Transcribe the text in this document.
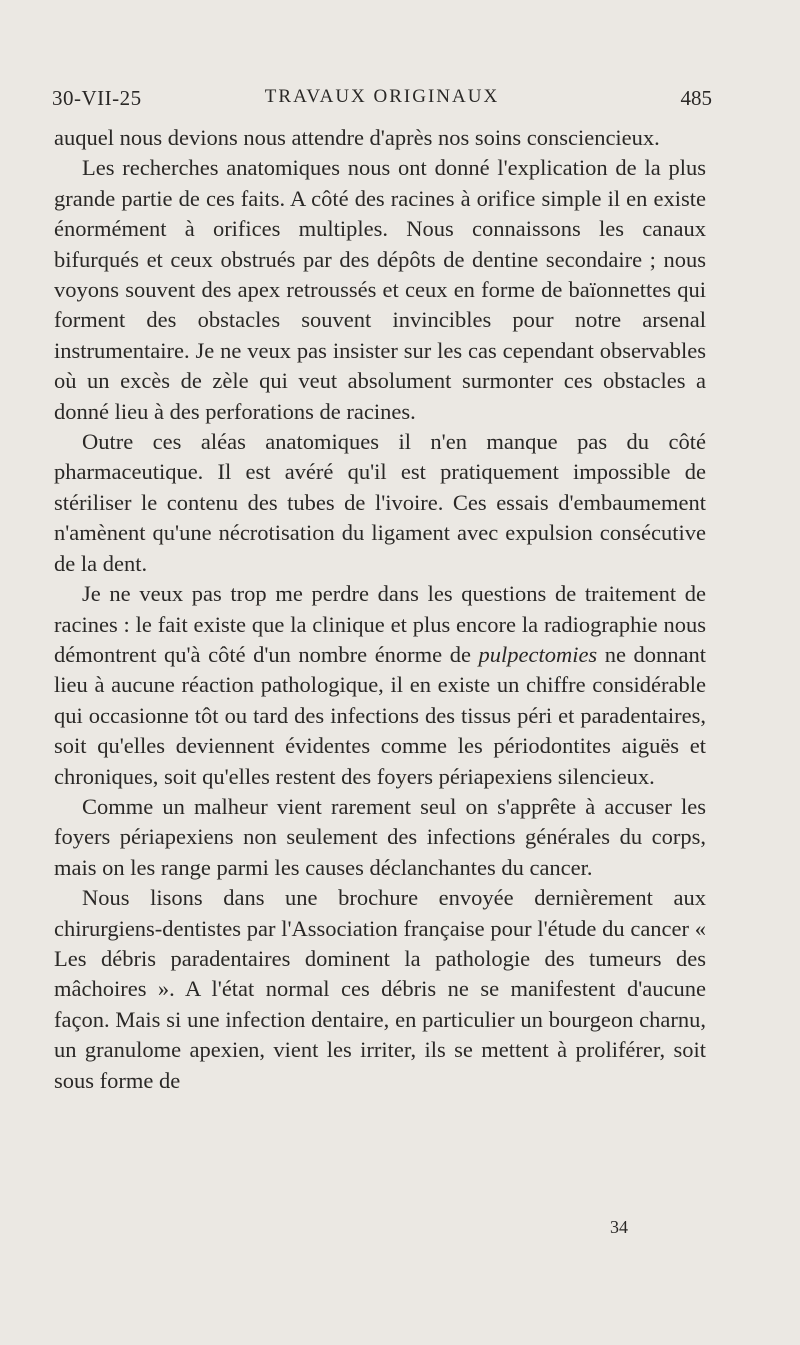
30-VII-25	TRAVAUX ORIGINAUX	485

auquel nous devions nous attendre d'après nos soins consciencieux.

Les recherches anatomiques nous ont donné l'explication de la plus grande partie de ces faits. A côté des racines à orifice simple il en existe énormément à orifices multiples. Nous connaissons les canaux bifurqués et ceux obstrués par des dépôts de dentine secondaire ; nous voyons souvent des apex retroussés et ceux en forme de baïonnettes qui forment des obstacles souvent invincibles pour notre arsenal instrumentaire. Je ne veux pas insister sur les cas cependant observables où un excès de zèle qui veut absolument surmonter ces obstacles a donné lieu à des perforations de racines.

Outre ces aléas anatomiques il n'en manque pas du côté pharmaceutique. Il est avéré qu'il est pratiquement impossible de stériliser le contenu des tubes de l'ivoire. Ces essais d'embaumement n'amènent qu'une nécrotisation du ligament avec expulsion consécutive de la dent.

Je ne veux pas trop me perdre dans les questions de traitement de racines : le fait existe que la clinique et plus encore la radiographie nous démontrent qu'à côté d'un nombre énorme de pulpectomies ne donnant lieu à aucune réaction pathologique, il en existe un chiffre considérable qui occasionne tôt ou tard des infections des tissus péri et paradentaires, soit qu'elles deviennent évidentes comme les périodontites aiguës et chroniques, soit qu'elles restent des foyers périapexiens silencieux.

Comme un malheur vient rarement seul on s'apprête à accuser les foyers périapexiens non seulement des infections générales du corps, mais on les range parmi les causes déclanchantes du cancer.

Nous lisons dans une brochure envoyée dernièrement aux chirurgiens-dentistes par l'Association française pour l'étude du cancer « Les débris paradentaires dominent la pathologie des tumeurs des mâchoires ». A l'état normal ces débris ne se manifestent d'aucune façon. Mais si une infection dentaire, en particulier un bourgeon charnu, un granulome apexien, vient les irriter, ils se mettent à proliférer, soit sous forme de

34
